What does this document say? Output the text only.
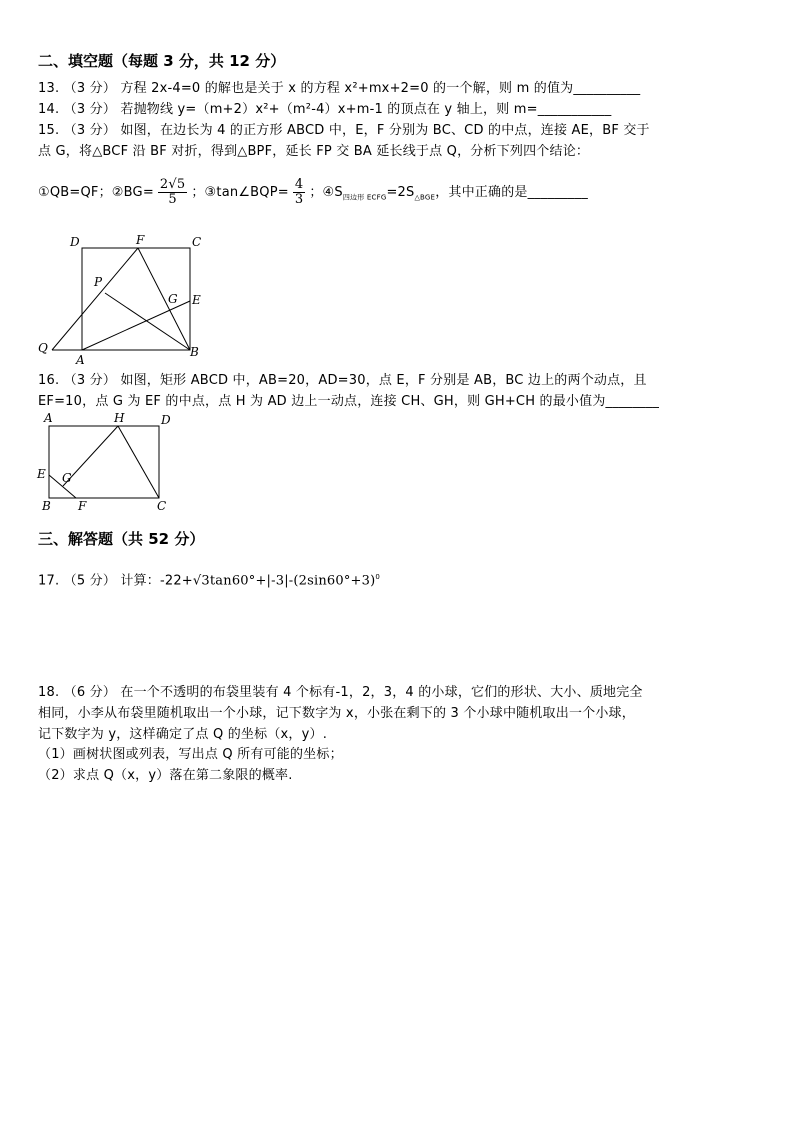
二、填空题（每题 3 分，共 12 分）
13. （3 分） 方程 2x-4=0 的解也是关于 x 的方程 x²+mx+2=0 的一个解，则 m 的值为__________
14. （3 分） 若抛物线 y=（m+2）x²+（m²-4）x+m-1 的顶点在 y 轴上，则 m=___________
15. （3 分） 如图，在边长为 4 的正方形 ABCD 中，E，F 分别为 BC、CD 的中点，连接 AE，BF 交于
点 G，将△BCF 沿 BF 对折，得到△BPF，延长 FP 交 BA 延长线于点 Q，分析下列四个结论：
①QB=QF；②BG= $\frac{2√5}{5}$ ；③tan∠BQP= $\frac{4}{3}$ ；$④S_{四边形 ECFG}=2S_{\triangle BGE}$，其中正确的是_________
D	F	C
P
G E
Q
A
B
16. （3 分） 如图，矩形 ABCD 中，AB=20，AD=30，点 E，F 分别是 AB，BC 边上的两个动点，且
EF=10，点 G 为 EF 的中点，点 H 为 AD 边上一动点，连接 CH、GH，则 GH+CH 的最小值为________
A	H	D
E G
B F	C
三、解答题（共 52 分）
17. （5 分） 计算：$-22+√3\tan 60^\circ+|-3|-(2\sin 60^\circ+3)^0$
18. （6 分） 在一个不透明的布袋里装有 4 个标有-1，2，3，4 的小球，它们的形状、大小、质地完全
相同，小李从布袋里随机取出一个小球，记下数字为 x，小张在剩下的 3 个小球中随机取出一个小球，
记下数字为 y，这样确定了点 Q 的坐标（x，y）.
（1）画树状图或列表，写出点 Q 所有可能的坐标；
（2）求点 Q（x，y）落在第二象限的概率.
